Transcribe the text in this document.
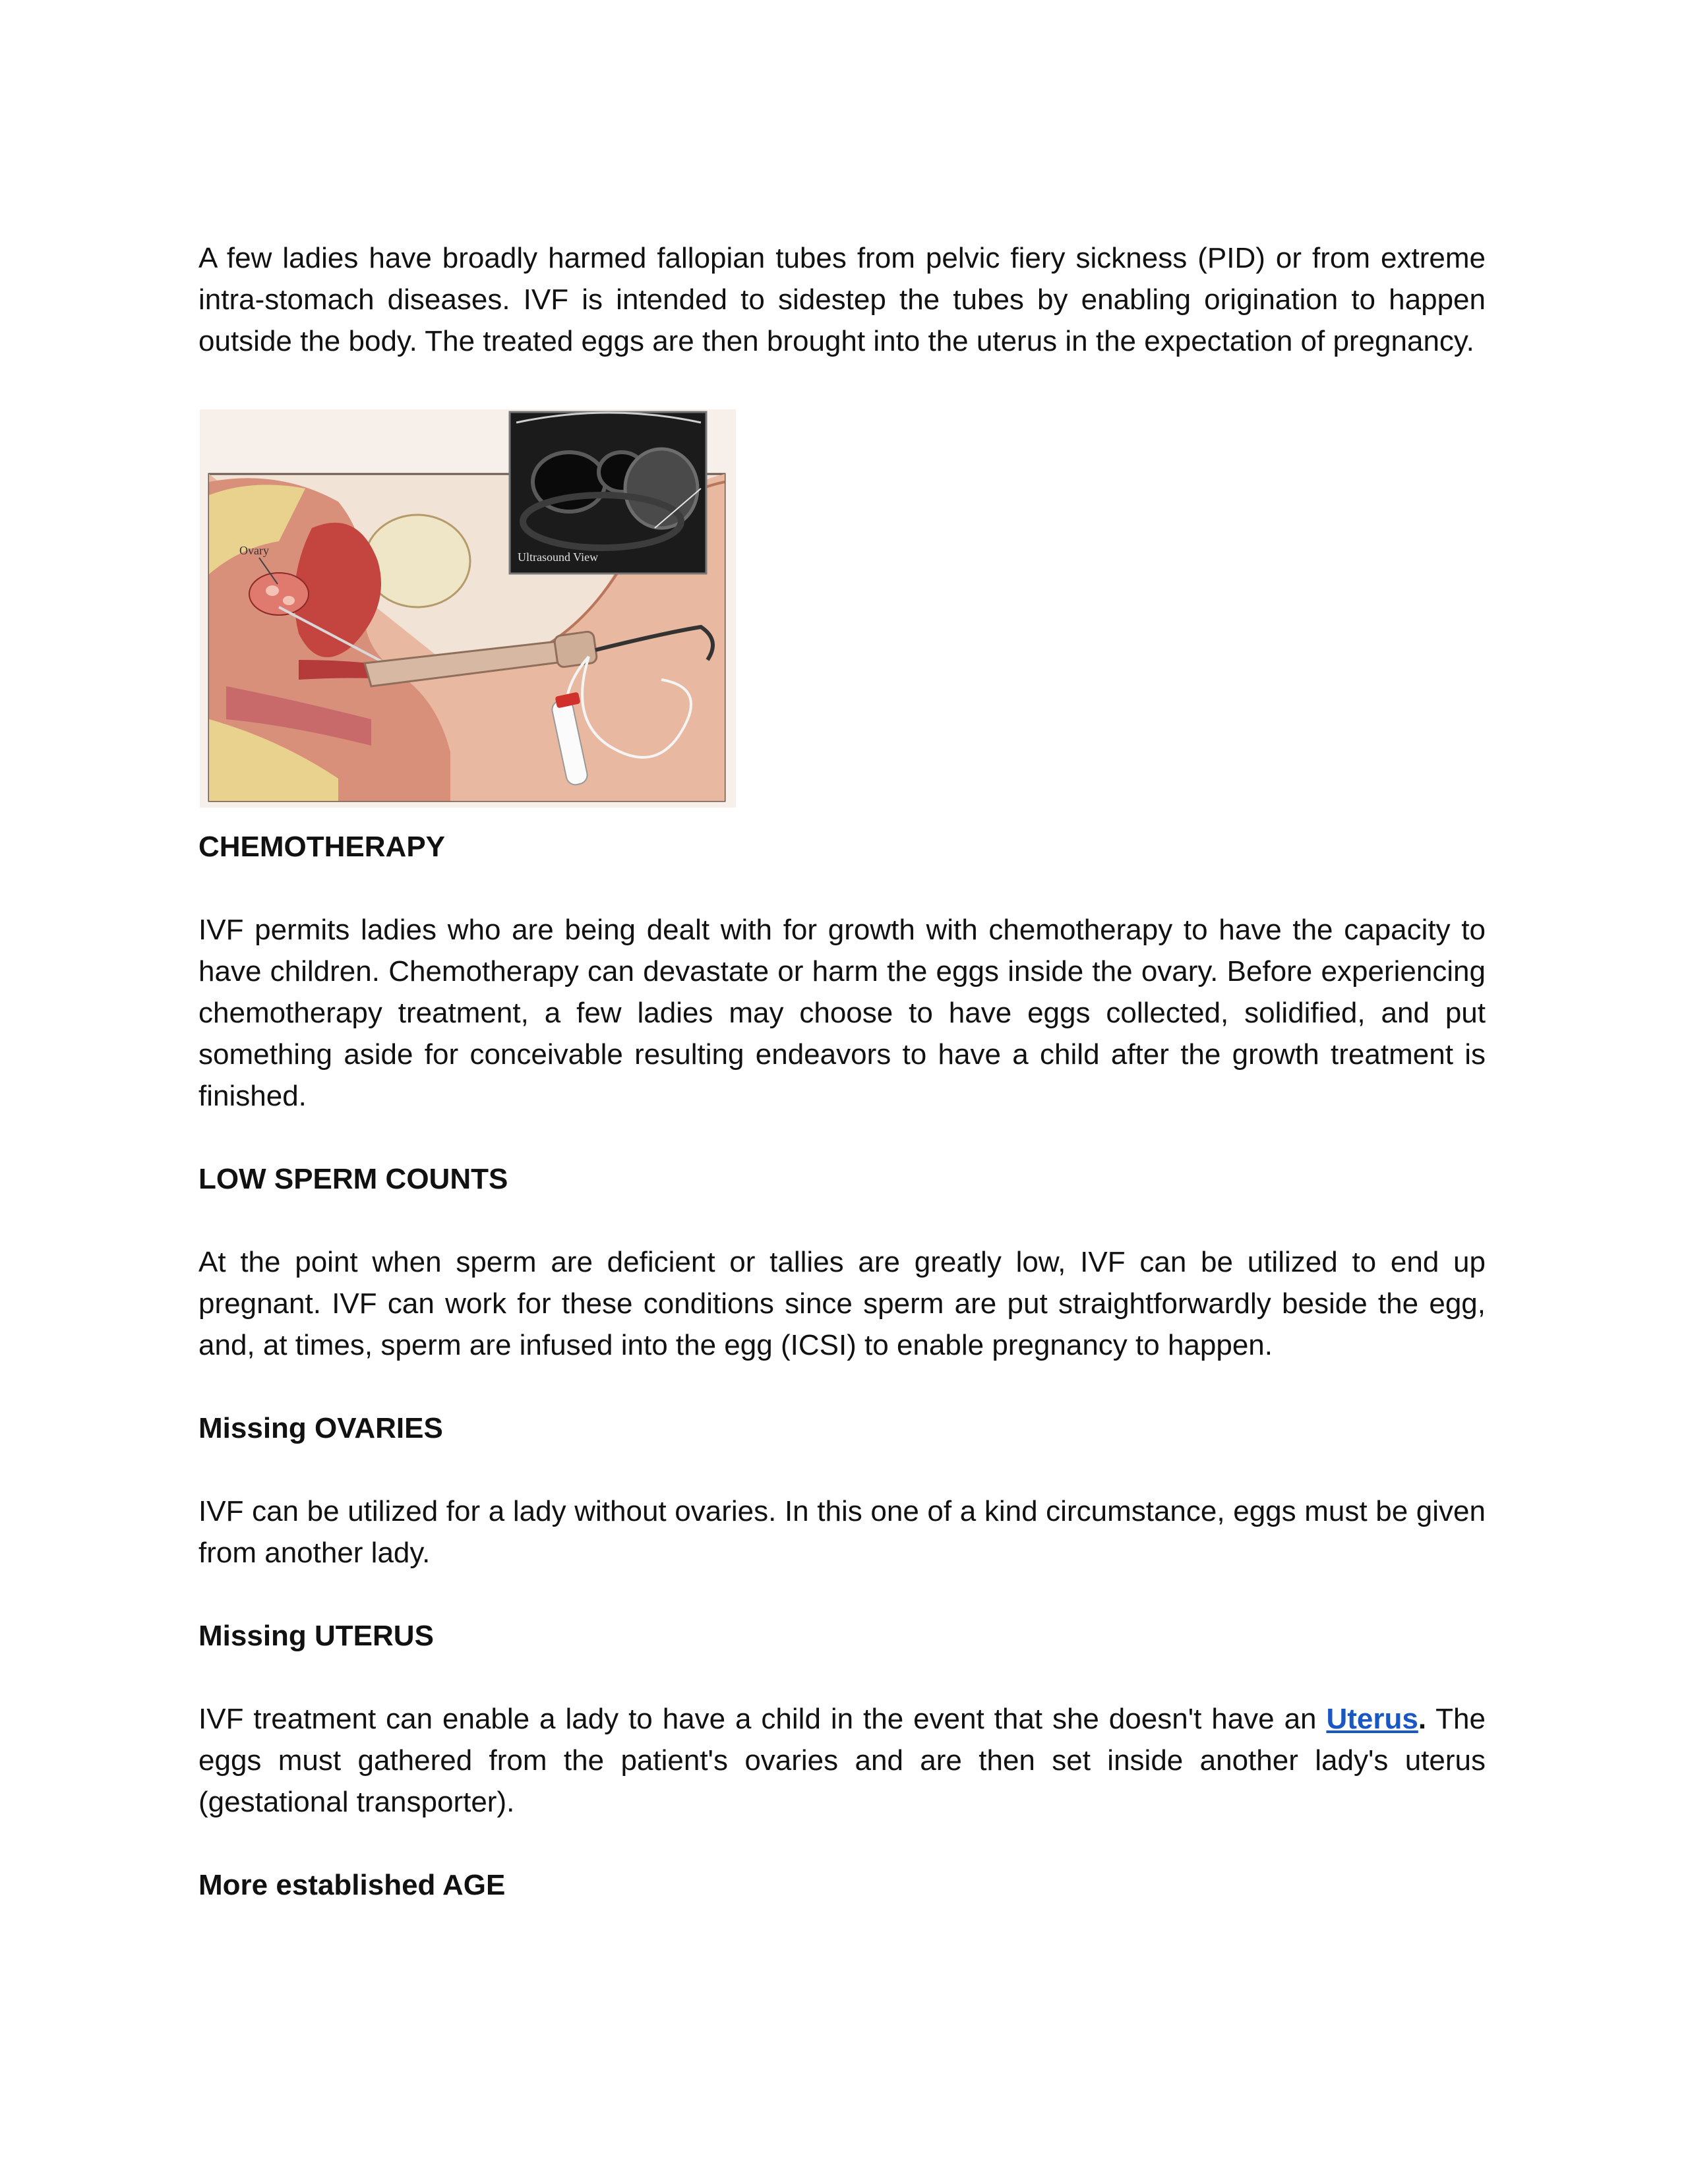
A few ladies have broadly harmed fallopian tubes from pelvic fiery sickness (PID) or from extreme intra-stomach diseases. IVF is intended to sidestep the tubes by enabling origination to happen outside the body. The treated eggs are then brought into the uterus in the expectation of pregnancy.

Ovary	Ultrasound View

CHEMOTHERAPY

IVF permits ladies who are being dealt with for growth with chemotherapy to have the capacity to have children. Chemotherapy can devastate or harm the eggs inside the ovary. Before experiencing chemotherapy treatment, a few ladies may choose to have eggs collected, solidified, and put something aside for conceivable resulting endeavors to have a child after the growth treatment is finished.

LOW SPERM COUNTS

At the point when sperm are deficient or tallies are greatly low, IVF can be utilized to end up pregnant. IVF can work for these conditions since sperm are put straightforwardly beside the egg, and, at times, sperm are infused into the egg (ICSI) to enable pregnancy to happen.

Missing OVARIES

IVF can be utilized for a lady without ovaries. In this one of a kind circumstance, eggs must be given from another lady.

Missing UTERUS

IVF treatment can enable a lady to have a child in the event that she doesn't have an Uterus. The eggs must gathered from the patient's ovaries and are then set inside another lady's uterus (gestational transporter).

More established AGE
